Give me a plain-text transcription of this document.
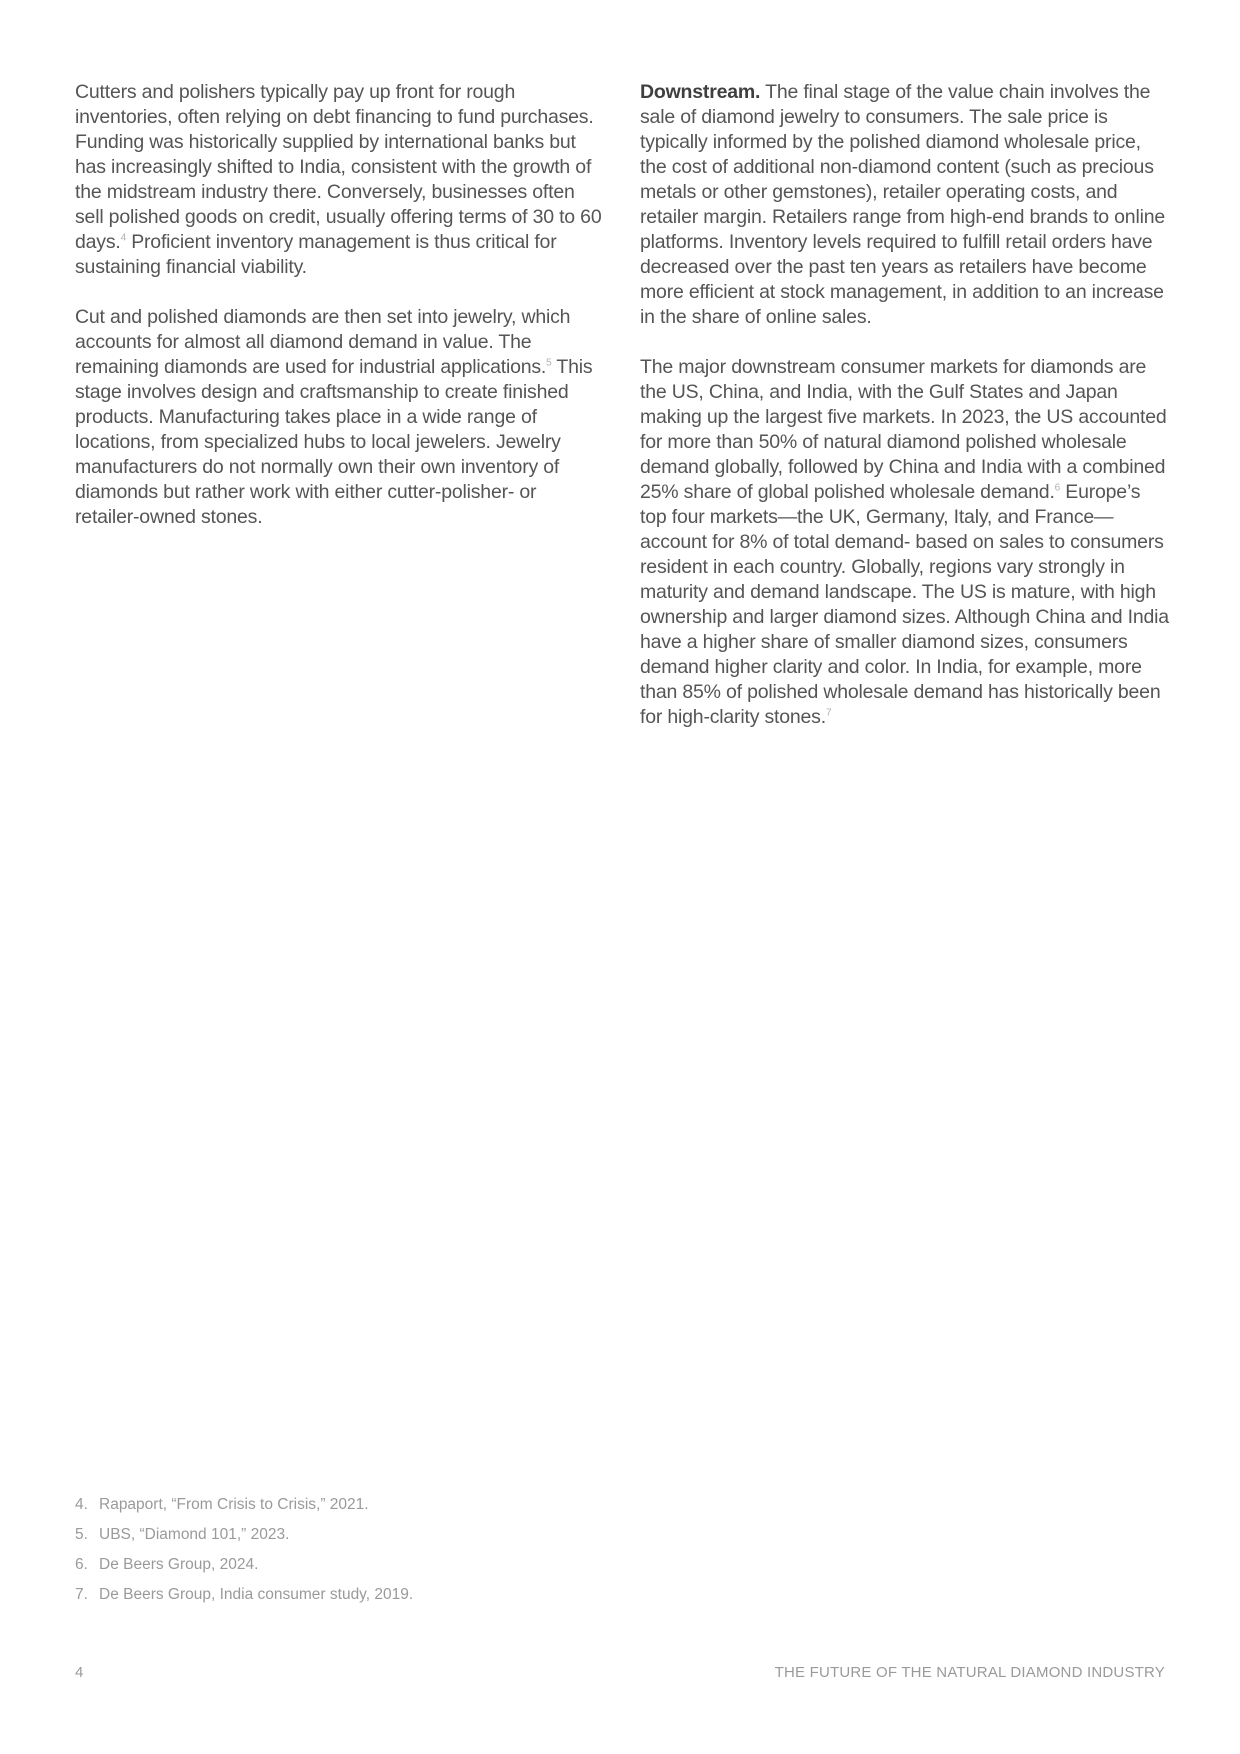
Cutters and polishers typically pay up front for rough inventories, often relying on debt financing to fund purchases. Funding was historically supplied by international banks but has increasingly shifted to India, consistent with the growth of the midstream industry there. Conversely, businesses often sell polished goods on credit, usually offering terms of 30 to 60 days.$^4$ Proficient inventory management is thus critical for sustaining financial viability.

Cut and polished diamonds are then set into jewelry, which accounts for almost all diamond demand in value. The remaining diamonds are used for industrial applications.$^5$ This stage involves design and craftsmanship to create finished products. Manufacturing takes place in a wide range of locations, from specialized hubs to local jewelers. Jewelry manufacturers do not normally own their own inventory of diamonds but rather work with either cutter-polisher- or retailer-owned stones.

Downstream. The final stage of the value chain involves the sale of diamond jewelry to consumers. The sale price is typically informed by the polished diamond wholesale price, the cost of additional non-diamond content (such as precious metals or other gemstones), retailer operating costs, and retailer margin. Retailers range from high-end brands to online platforms. Inventory levels required to fulfill retail orders have decreased over the past ten years as retailers have become more efficient at stock management, in addition to an increase in the share of online sales.

The major downstream consumer markets for diamonds are the US, China, and India, with the Gulf States and Japan making up the largest five markets. In 2023, the US accounted for more than 50% of natural diamond polished wholesale demand globally, followed by China and India with a combined 25% share of global polished wholesale demand.$^6$ Europe’s top four markets—the UK, Germany, Italy, and France—account for 8% of total demand- based on sales to consumers resident in each country. Globally, regions vary strongly in maturity and demand landscape. The US is mature, with high ownership and larger diamond sizes. Although China and India have a higher share of smaller diamond sizes, consumers demand higher clarity and color. In India, for example, more than 85% of polished wholesale demand has historically been for high-clarity stones.$^7$

4. Rapaport, “From Crisis to Crisis,” 2021.
5. UBS, “Diamond 101,” 2023.
6. De Beers Group, 2024.
7. De Beers Group, India consumer study, 2019.
4	THE FUTURE OF THE NATURAL DIAMOND INDUSTRY
